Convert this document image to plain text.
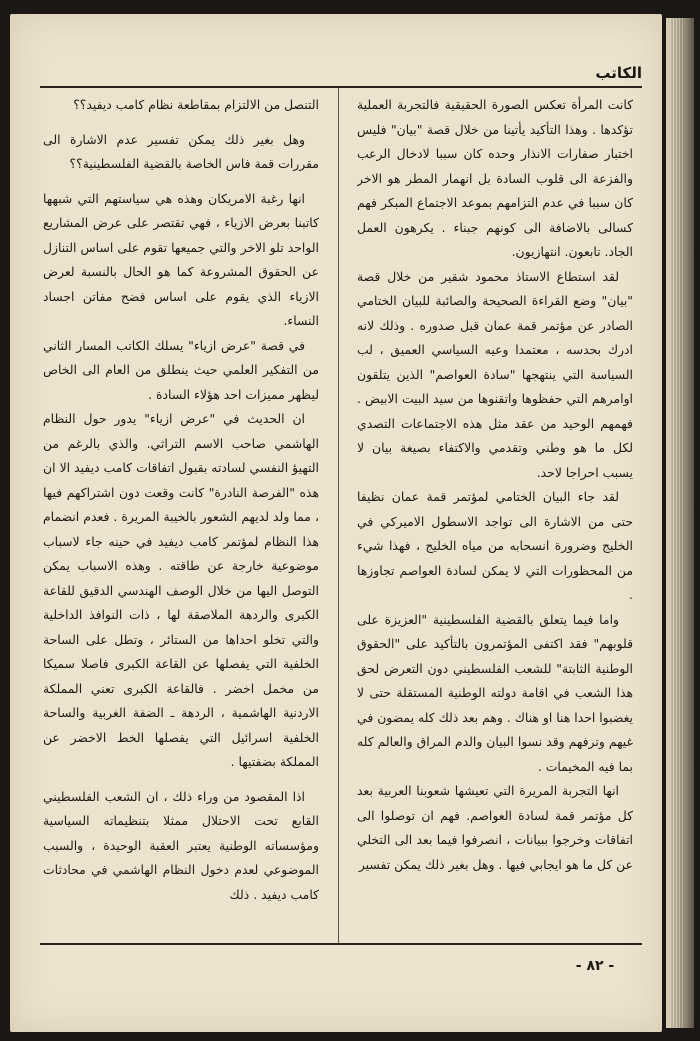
الكاتب

كانت المرأة تعكس الصورة الحقيقية فالتجربة العملية تؤكدها . وهذا التأكيد يأتينا من خلال قصة "بيان" فليس اختبار صفارات الانذار وحده كان سببا لادخال الرعب والفزعة الى قلوب السادة بل انهمار المطر هو الاخر كان سببا في عدم التزامهم بموعد الاجتماع المبكر فهم كسالى بالاضافة الى كونهم جبناء . يكرهون العمل الجاد. تابعون. انتهازيون.

لقد استطاع الاستاذ محمود شقير من خلال قصة "بيان" وضع القراءة الصحيحة والصائبة للبيان الختامي الصادر عن مؤتمر قمة عمان قبل صدوره . وذلك لانه ادرك بحدسه ، معتمدا وعيه السياسي العميق ، لب السياسة التي ينتهجها "سادة العواصم" الذين يتلقون اوامرهم التي حفظوها واتقنوها من سيد البيت الابيض . فهمهم الوحيد من عقد مثل هذه الاجتماعات التصدي لكل ما هو وطني وتقدمي والاكتفاء بصيغة بيان لا يسبب احراجا لاحد.

لقد جاء البيان الختامي لمؤتمر قمة عمان نظيفا حتى من الاشارة الى تواجد الاسطول الاميركي في الخليج وضرورة انسحابه من مياه الخليج ، فهذا شيء من المحظورات التي لا يمكن لسادة العواصم تجاوزها .

واما فيما يتعلق بالقضية الفلسطينية "العزيزة على قلوبهم" فقد اكتفى المؤتمرون بالتأكيد على "الحقوق الوطنية الثابتة" للشعب الفلسطيني دون التعرض لحق هذا الشعب في اقامة دولته الوطنية المستقلة حتى لا يغضبوا احدا هنا او هناك . وهم بعد ذلك كله يمضون في غيهم وترفهم وقد نسوا البيان والدم المراق والعالم كله بما فيه المخيمات .

انها التجربة المريرة التي تعيشها شعوبنا العربية بعد كل مؤتمر قمة لسادة العواصم. فهم ان توصلوا الى اتفاقات وخرجوا ببيانات ، انصرفوا فيما بعد الى التخلي عن كل ما هو ايجابي فيها . وهل بغير ذلك يمكن تفسير

التنصل من الالتزام بمقاطعة نظام كامب ديفيد؟؟

وهل بغير ذلك يمكن تفسير عدم الاشارة الى مقررات قمة فاس الخاصة بالقضية الفلسطينية؟؟

انها رغبة الامريكان وهذه هي سياستهم التي شبهها كاتبنا بعرض الازياء ، فهي تقتصر على عرض المشاريع الواحد تلو الاخر والتي جميعها تقوم على اساس التنازل عن الحقوق المشروعة كما هو الحال بالنسبة لعرض الازياء الذي يقوم على اساس فضح مفاتن اجساد النساء.

في قصة "عرض ازياء" يسلك الكاتب المسار الثاني من التفكير العلمي حيث ينطلق من العام الى الخاص ليظهر مميزات احد هؤلاء السادة .

ان الحديث في "عرض ازياء" يدور حول النظام الهاشمي صاحب الاسم التراثي. والذي بالرغم من التهيؤ النفسي لسادته بقبول اتفاقات كامب ديفيد الا ان هذه "الفرصة النادرة" كانت وقعت دون اشتراكهم فيها ، مما ولد لديهم الشعور بالخيبة المريرة . فعدم انضمام هذا النظام لمؤتمر كامب ديفيد في حينه جاء لاسباب موضوعية خارجة عن طاقته . وهذه الاسباب يمكن التوصل اليها من خلال الوصف الهندسي الدقيق للقاعة الكبرى والردهة الملاصقة لها ، ذات النوافذ الداخلية والتي تخلو احداها من الستائر ، وتطل على الساحة الخلفية التي يفصلها عن القاعة الكبرى فاصلا سميكا من مخمل اخضر . فالقاعة الكبرى تعني المملكة الاردنية الهاشمية ، الردهة ـ الضفة الغربية والساحة الخلفية اسرائيل التي يفصلها الخط الاخضر عن المملكة بضفتيها .

اذا المقصود من وراء ذلك ، ان الشعب الفلسطيني القابع تحت الاحتلال ممثلا بتنظيماته السياسية ومؤسساته الوطنية يعتبر العقبة الوحيدة ، والسبب الموضوعي لعدم دخول النظام الهاشمي في محادثات كامب ديفيد . ذلك

- ٨٢ -
